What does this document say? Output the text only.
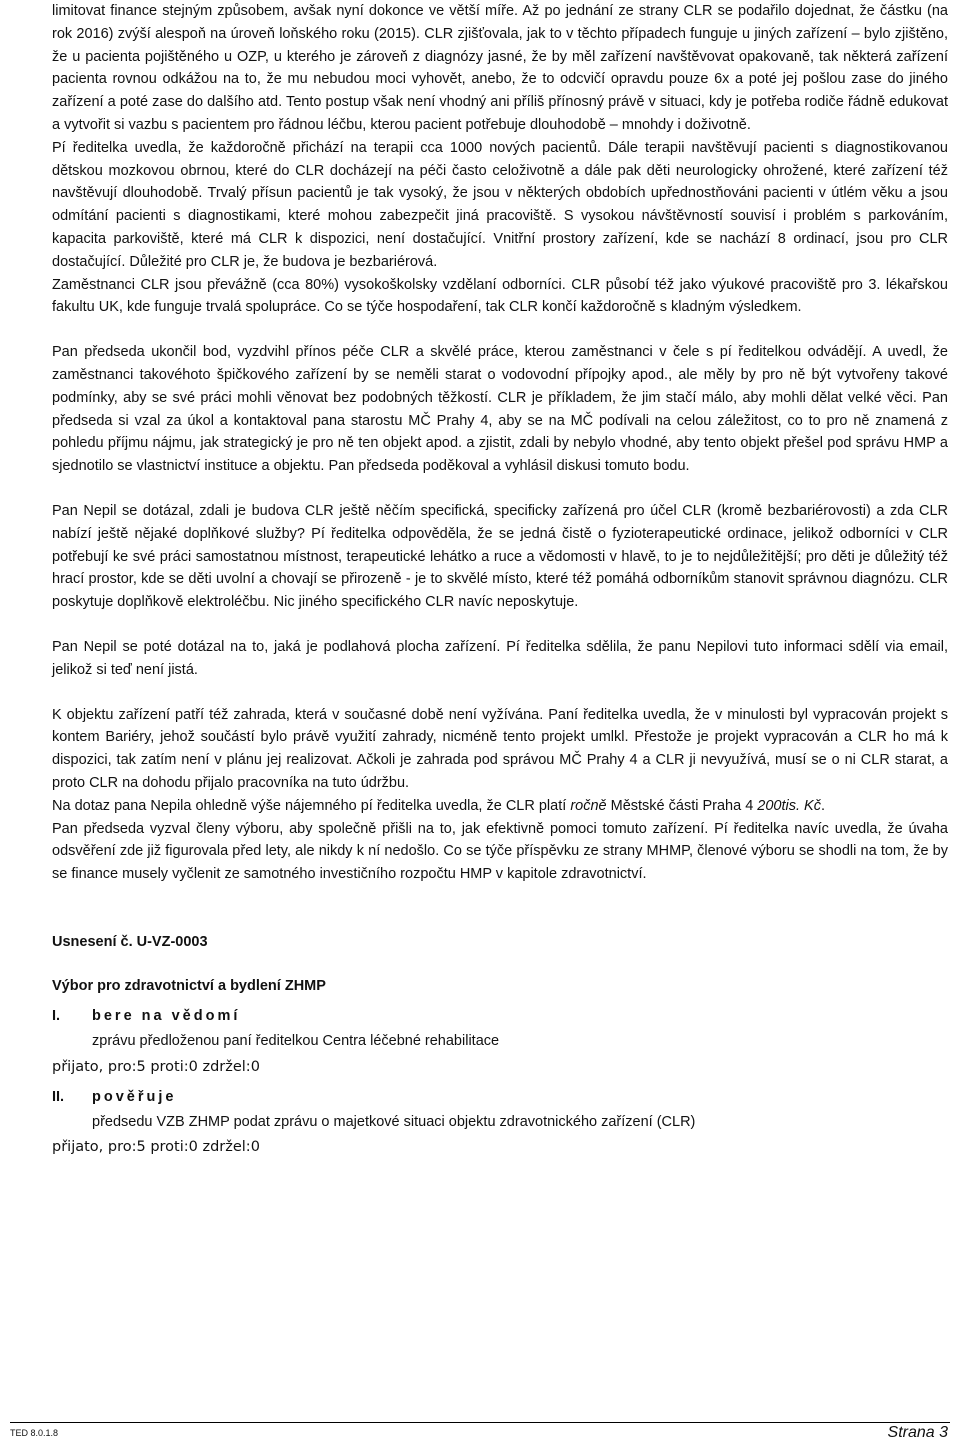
limitovat finance stejným způsobem, avšak nyní dokonce ve větší míře. Až po jednání ze strany CLR se podařilo dojednat, že částku (na rok 2016) zvýší alespoň na úroveň loňského roku (2015). CLR zjišťovala, jak to v těchto případech funguje u jiných zařízení – bylo zjištěno, že u pacienta pojištěného u OZP, u kterého je zároveň z diagnózy jasné, že by měl zařízení navštěvovat opakovaně, tak některá zařízení pacienta rovnou odkážou na to, že mu nebudou moci vyhovět, anebo, že to odcvičí opravdu pouze 6x a poté jej pošlou zase do jiného zařízení a poté zase do dalšího atd. Tento postup však není vhodný ani příliš přínosný právě v situaci, kdy je potřeba rodiče řádně edukovat a vytvořit si vazbu s pacientem pro řádnou léčbu, kterou pacient potřebuje dlouhodobě – mnohdy i doživotně.

Pí ředitelka uvedla, že každoročně přichází na terapii cca 1000 nových pacientů. Dále terapii navštěvují pacienti s diagnostikovanou dětskou mozkovou obrnou, které do CLR docházejí na péči často celoživotně a dále pak děti neurologicky ohrožené, které zařízení též navštěvují dlouhodobě. Trvalý přísun pacientů je tak vysoký, že jsou v některých obdobích upřednostňováni pacienti v útlém věku a jsou odmítání pacienti s diagnostikami, které mohou zabezpečit jiná pracoviště. S vysokou návštěvností souvisí i problém s parkováním, kapacita parkoviště, které má CLR k dispozici, není dostačující. Vnitřní prostory zařízení, kde se nachází 8 ordinací, jsou pro CLR dostačující. Důležité pro CLR je, že budova je bezbariérová.

Zaměstnanci CLR jsou převážně (cca 80%) vysokoškolsky vzdělaní odborníci. CLR působí též jako výukové pracoviště pro 3. lékařskou fakultu UK, kde funguje trvalá spolupráce. Co se týče hospodaření, tak CLR končí každoročně s kladným výsledkem.

Pan předseda ukončil bod, vyzdvihl přínos péče CLR a skvělé práce, kterou zaměstnanci v čele s pí ředitelkou odvádějí. A uvedl, že zaměstnanci takovéhoto špičkového zařízení by se neměli starat o vodovodní přípojky apod., ale měly by pro ně být vytvořeny takové podmínky, aby se své práci mohli věnovat bez podobných těžkostí. CLR je příkladem, že jim stačí málo, aby mohli dělat velké věci. Pan předseda si vzal za úkol a kontaktoval pana starostu MČ Prahy 4, aby se na MČ podívali na celou záležitost, co to pro ně znamená z pohledu příjmu nájmu, jak strategický je pro ně ten objekt apod. a zjistit, zdali by nebylo vhodné, aby tento objekt přešel pod správu HMP a sjednotilo se vlastnictví instituce a objektu. Pan předseda poděkoval a vyhlásil diskusi tomuto bodu.

Pan Nepil se dotázal, zdali je budova CLR ještě něčím specifická, specificky zařízená pro účel CLR (kromě bezbariérovosti) a zda CLR nabízí ještě nějaké doplňkové služby? Pí ředitelka odpověděla, že se jedná čistě o fyzioterapeutické ordinace, jelikož odborníci v CLR potřebují ke své práci samostatnou místnost, terapeutické lehátko a ruce a vědomosti v hlavě, to je to nejdůležitější; pro děti je důležitý též hrací prostor, kde se děti uvolní a chovají se přirozeně - je to skvělé místo, které též pomáhá odborníkům stanovit správnou diagnózu. CLR poskytuje doplňkově elektroléčbu. Nic jiného specifického CLR navíc neposkytuje.

Pan Nepil se poté dotázal na to, jaká je podlahová plocha zařízení. Pí ředitelka sdělila, že panu Nepilovi tuto informaci sdělí via email, jelikož si teď není jistá.

K objektu zařízení patří též zahrada, která v současné době není vyžívána. Paní ředitelka uvedla, že v minulosti byl vypracován projekt s kontem Bariéry, jehož součástí bylo právě využití zahrady, nicméně tento projekt umlkl. Přestože je projekt vypracován a CLR ho má k dispozici, tak zatím není v plánu jej realizovat. Ačkoli je zahrada pod správou MČ Prahy 4 a CLR ji nevyužívá, musí se o ni CLR starat, a proto CLR na dohodu přijalo pracovníka na tuto údržbu.

Na dotaz pana Nepila ohledně výše nájemného pí ředitelka uvedla, že CLR platí ročně Městské části Praha 4 200tis. Kč.

Pan předseda vyzval členy výboru, aby společně přišli na to, jak efektivně pomoci tomuto zařízení. Pí ředitelka navíc uvedla, že úvaha odsvěření zde již figurovala před lety, ale nikdy k ní nedošlo. Co se týče příspěvku ze strany MHMP, členové výboru se shodli na tom, že by se finance musely vyčlenit ze samotného investičního rozpočtu HMP v kapitole zdravotnictví.

Usnesení č. U-VZ-0003

Výbor pro zdravotnictví a bydlení ZHMP

I. bere na vědomí

zprávu předloženou paní ředitelkou Centra léčebné rehabilitace

přijato, pro:5 proti:0 zdržel:0

II. pověřuje

předsedu VZB ZHMP podat zprávu o majetkové situaci objektu zdravotnického zařízení (CLR)

přijato, pro:5 proti:0 zdržel:0

TED 8.0.1.8	Strana 3
